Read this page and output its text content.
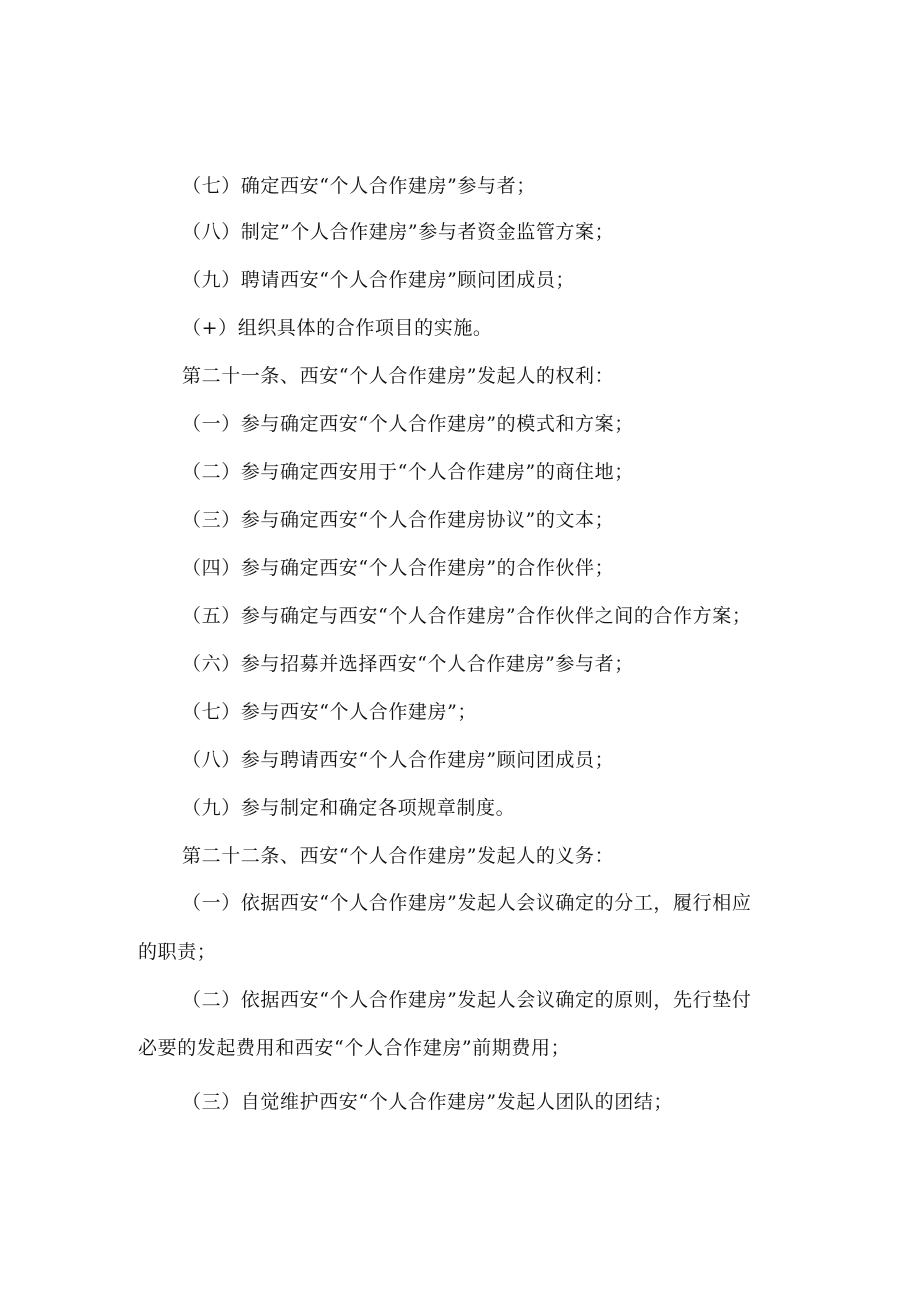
（七）确定西安“个人合作建房”参与者；
（八）制定”个人合作建房”参与者资金监管方案；
（九）聘请西安“个人合作建房”顾问团成员；
（+）组织具体的合作项目的实施。
第二十一条、西安“个人合作建房”发起人的权利：
（一）参与确定西安“个人合作建房”的模式和方案；
（二）参与确定西安用于“个人合作建房”的商住地；
（三）参与确定西安“个人合作建房协议”的文本；
（四）参与确定西安“个人合作建房”的合作伙伴；
（五）参与确定与西安“个人合作建房”合作伙伴之间的合作方案；
（六）参与招募并选择西安“个人合作建房”参与者；
（七）参与西安“个人合作建房”；
（八）参与聘请西安“个人合作建房”顾问团成员；
（九）参与制定和确定各项规章制度。
第二十二条、西安“个人合作建房”发起人的义务：
（一）依据西安“个人合作建房”发起人会议确定的分工，履行相应
的职责；
（二）依据西安“个人合作建房”发起人会议确定的原则，先行垫付
必要的发起费用和西安“个人合作建房”前期费用；
（三）自觉维护西安“个人合作建房”发起人团队的团结；
